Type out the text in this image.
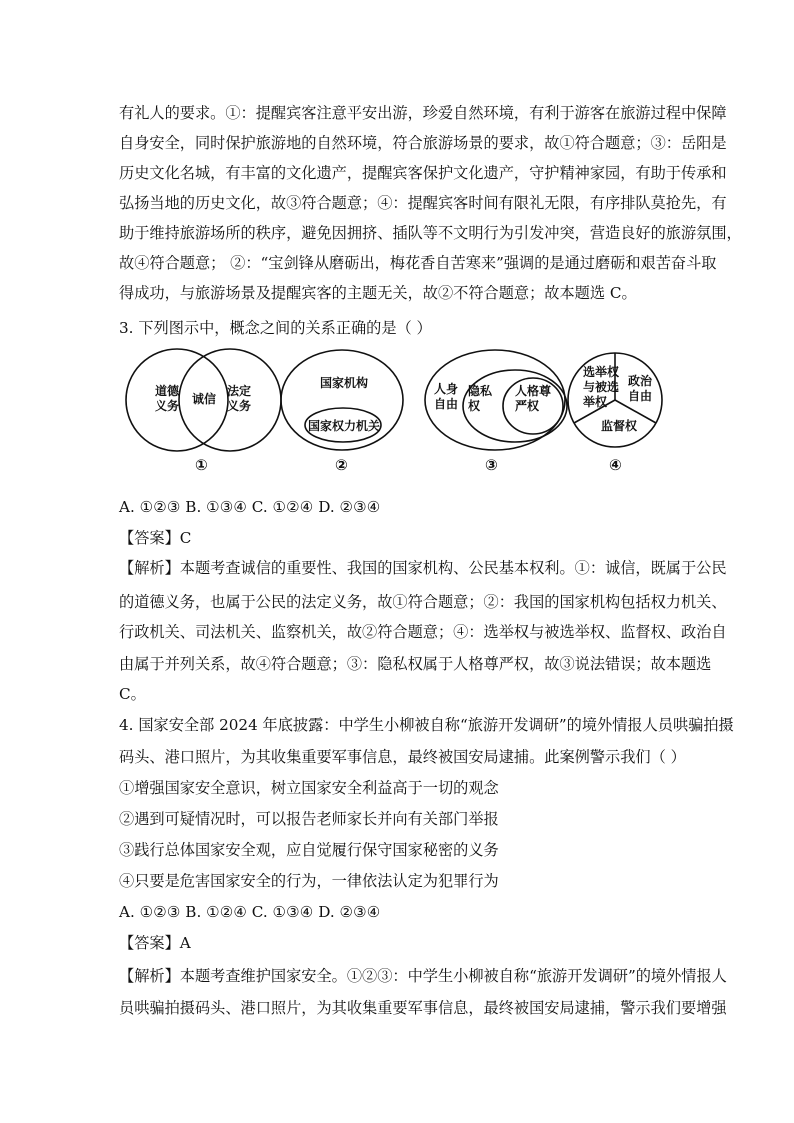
有礼人的要求。①：提醒宾客注意平安出游，珍爱自然环境，有利于游客在旅游过程中保障
自身安全，同时保护旅游地的自然环境，符合旅游场景的要求，故①符合题意；③：岳阳是
历史文化名城，有丰富的文化遗产，提醒宾客保护文化遗产，守护精神家园，有助于传承和
弘扬当地的历史文化，故③符合题意；④：提醒宾客时间有限礼无限，有序排队莫抢先，有
助于维持旅游场所的秩序，避免因拥挤、插队等不文明行为引发冲突，营造良好的旅游氛围，
故④符合题意； ②：“宝剑锋从磨砺出，梅花香自苦寒来”强调的是通过磨砺和艰苦奋斗取
得成功，与旅游场景及提醒宾客的主题无关，故②不符合题意；故本题选 C。
3. 下列图示中，概念之间的关系正确的是（ ）
道德义务 诚信
法定义务
国家机构
国家权力机关
人身自由
隐私权
人格尊严权
选举权与被选举权
政治自由
监督权
①	②	③	④
A. ①②③ B. ①③④ C. ①②④ D. ②③④
【答案】C
【解析】本题考查诚信的重要性、我国的国家机构、公民基本权利。①：诚信，既属于公民
的道德义务，也属于公民的法定义务，故①符合题意；②：我国的国家机构包括权力机关、
行政机关、司法机关、监察机关，故②符合题意；④：选举权与被选举权、监督权、政治自
由属于并列关系，故④符合题意；③：隐私权属于人格尊严权，故③说法错误；故本题选
C。
4. 国家安全部 2024 年底披露：中学生小柳被自称“旅游开发调研”的境外情报人员哄骗拍摄
码头、港口照片，为其收集重要军事信息，最终被国安局逮捕。此案例警示我们（ ）
①增强国家安全意识，树立国家安全利益高于一切的观念
②遇到可疑情况时，可以报告老师家长并向有关部门举报
③践行总体国家安全观，应自觉履行保守国家秘密的义务
④只要是危害国家安全的行为，一律依法认定为犯罪行为
A. ①②③ B. ①②④ C. ①③④ D. ②③④
【答案】A
【解析】本题考查维护国家安全。①②③：中学生小柳被自称“旅游开发调研”的境外情报人
员哄骗拍摄码头、港口照片，为其收集重要军事信息，最终被国安局逮捕，警示我们要增强
